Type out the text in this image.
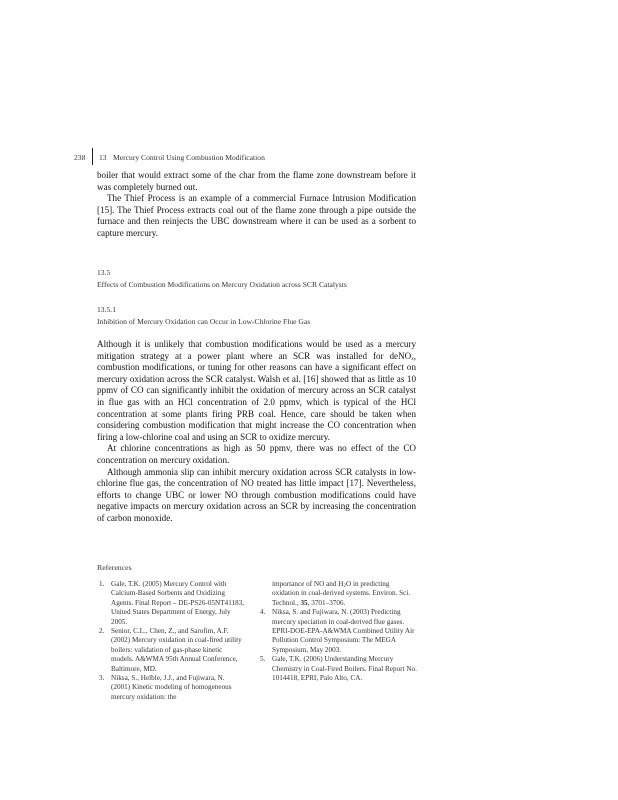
238 13 Mercury Control Using Combustion Modification

boiler that would extract some of the char from the flame zone downstream before it was completely burned out.

The Thief Process is an example of a commercial Furnace Intrusion Modification [15]. The Thief Process extracts coal out of the flame zone through a pipe outside the furnace and then reinjects the UBC downstream where it can be used as a sorbent to capture mercury.

13.5
Effects of Combustion Modifications on Mercury Oxidation across SCR Catalysts
13.5.1
Inhibition of Mercury Oxidation can Occur in Low-Chlorine Flue Gas

Although it is unlikely that combustion modifications would be used as a mercury mitigation strategy at a power plant where an SCR was installed for deNO$_x$, combustion modifications, or tuning for other reasons can have a significant effect on mercury oxidation across the SCR catalyst. Walsh et al. [16] showed that as little as 10 ppmv of CO can significantly inhibit the oxidation of mercury across an SCR catalyst in flue gas with an HCl concentration of 2.0 ppmv, which is typical of the HCl concentration at some plants firing PRB coal. Hence, care should be taken when considering combustion modification that might increase the CO concentration when firing a low-chlorine coal and using an SCR to oxidize mercury.

At chlorine concentrations as high as 50 ppmv, there was no effect of the CO concentration on mercury oxidation.

Although ammonia slip can inhibit mercury oxidation across SCR catalysts in low-chlorine flue gas, the concentration of NO treated has little impact [17]. Nevertheless, efforts to change UBC or lower NO through combustion modifications could have negative impacts on mercury oxidation across an SCR by increasing the concentration of carbon monoxide.

References
1. Gale, T.K. (2005) Mercury Control with Calcium-Based Sorbents and Oxidizing Agents. Final Report – DE-PS26-05NT41183, United States Department of Energy, July 2005.
2. Senior, C.L., Chen, Z., and Sarofim, A.F. (2002) Mercury oxidation in coal-fired utility boilers: validation of gas-phase kinetic models. A&WMA 95th Annual Conference, Baltimore, MD.
3. Niksa, S., Helble, J.J., and Fujiwara, N. (2001) Kinetic modeling of homogeneous mercury oxidation: the
importance of NO and $H_2O$ in predicting oxidation in coal-derived systems. Environ. Sci. Technol., 35, 3701–3706.
4. Niksa, S. and Fujiwara, N. (2003) Predicting mercury speciation in coal-derived flue gases. EPRI-DOE-EPA-A&WMA Combined Utility Air Pollution Control Symposium: The MEGA Symposium, May 2003.
5. Gale, T.K. (2006) Understanding Mercury Chemistry in Coal-Fired Boilers. Final Report No. 1014418, EPRI, Palo Alto, CA.
